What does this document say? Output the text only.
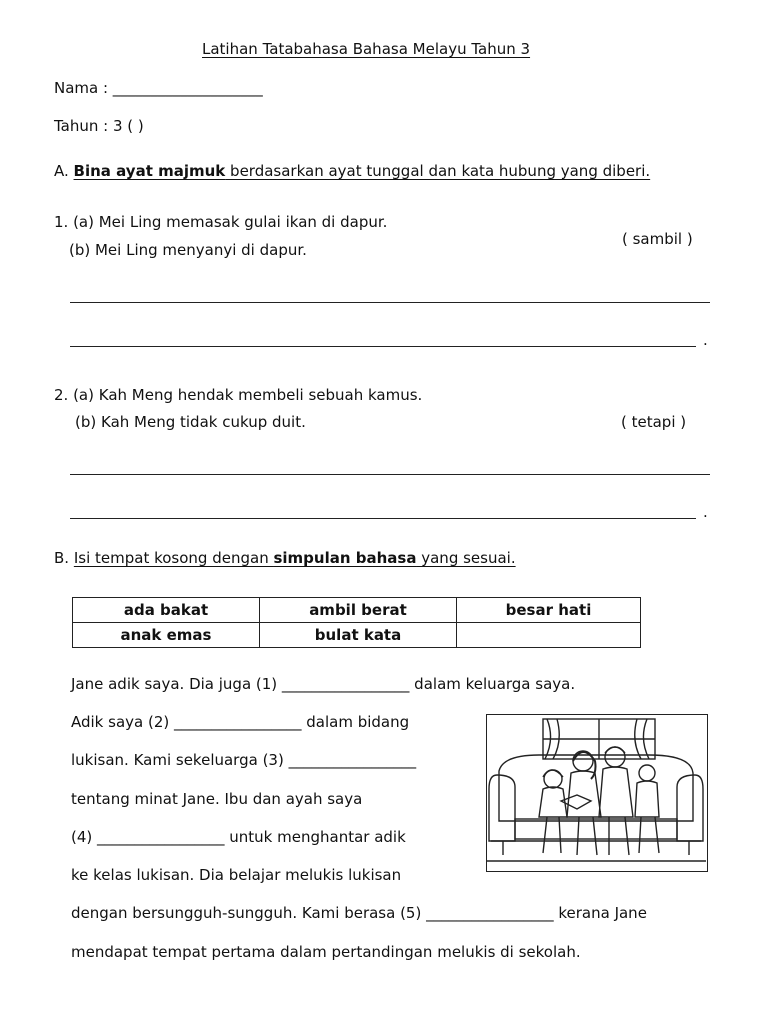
Latihan Tatabahasa Bahasa Melayu Tahun 3
Nama : ____________________
Tahun : 3 ( )
A. Bina ayat majmuk berdasarkan ayat tunggal dan kata hubung yang diberi.
1. (a) Mei Ling memasak gulai ikan di dapur.
(b) Mei Ling menyanyi di dapur.
( sambil )
.
2. (a) Kah Meng hendak membeli sebuah kamus.
(b) Kah Meng tidak cukup duit.	( tetapi )
.
B. Isi tempat kosong dengan simpulan bahasa yang sesuai.
ada bakat	ambil berat	besar hati
anak emas	bulat kata	
Jane adik saya. Dia juga (1) _________________ dalam keluarga saya.
Adik saya (2) _________________ dalam bidang
lukisan. Kami sekeluarga (3) _________________
tentang minat Jane. Ibu dan ayah saya
(4) _________________ untuk menghantar adik
ke kelas lukisan. Dia belajar melukis lukisan
dengan bersungguh-sungguh. Kami berasa (5) _________________ kerana Jane
mendapat tempat pertama dalam pertandingan melukis di sekolah.
